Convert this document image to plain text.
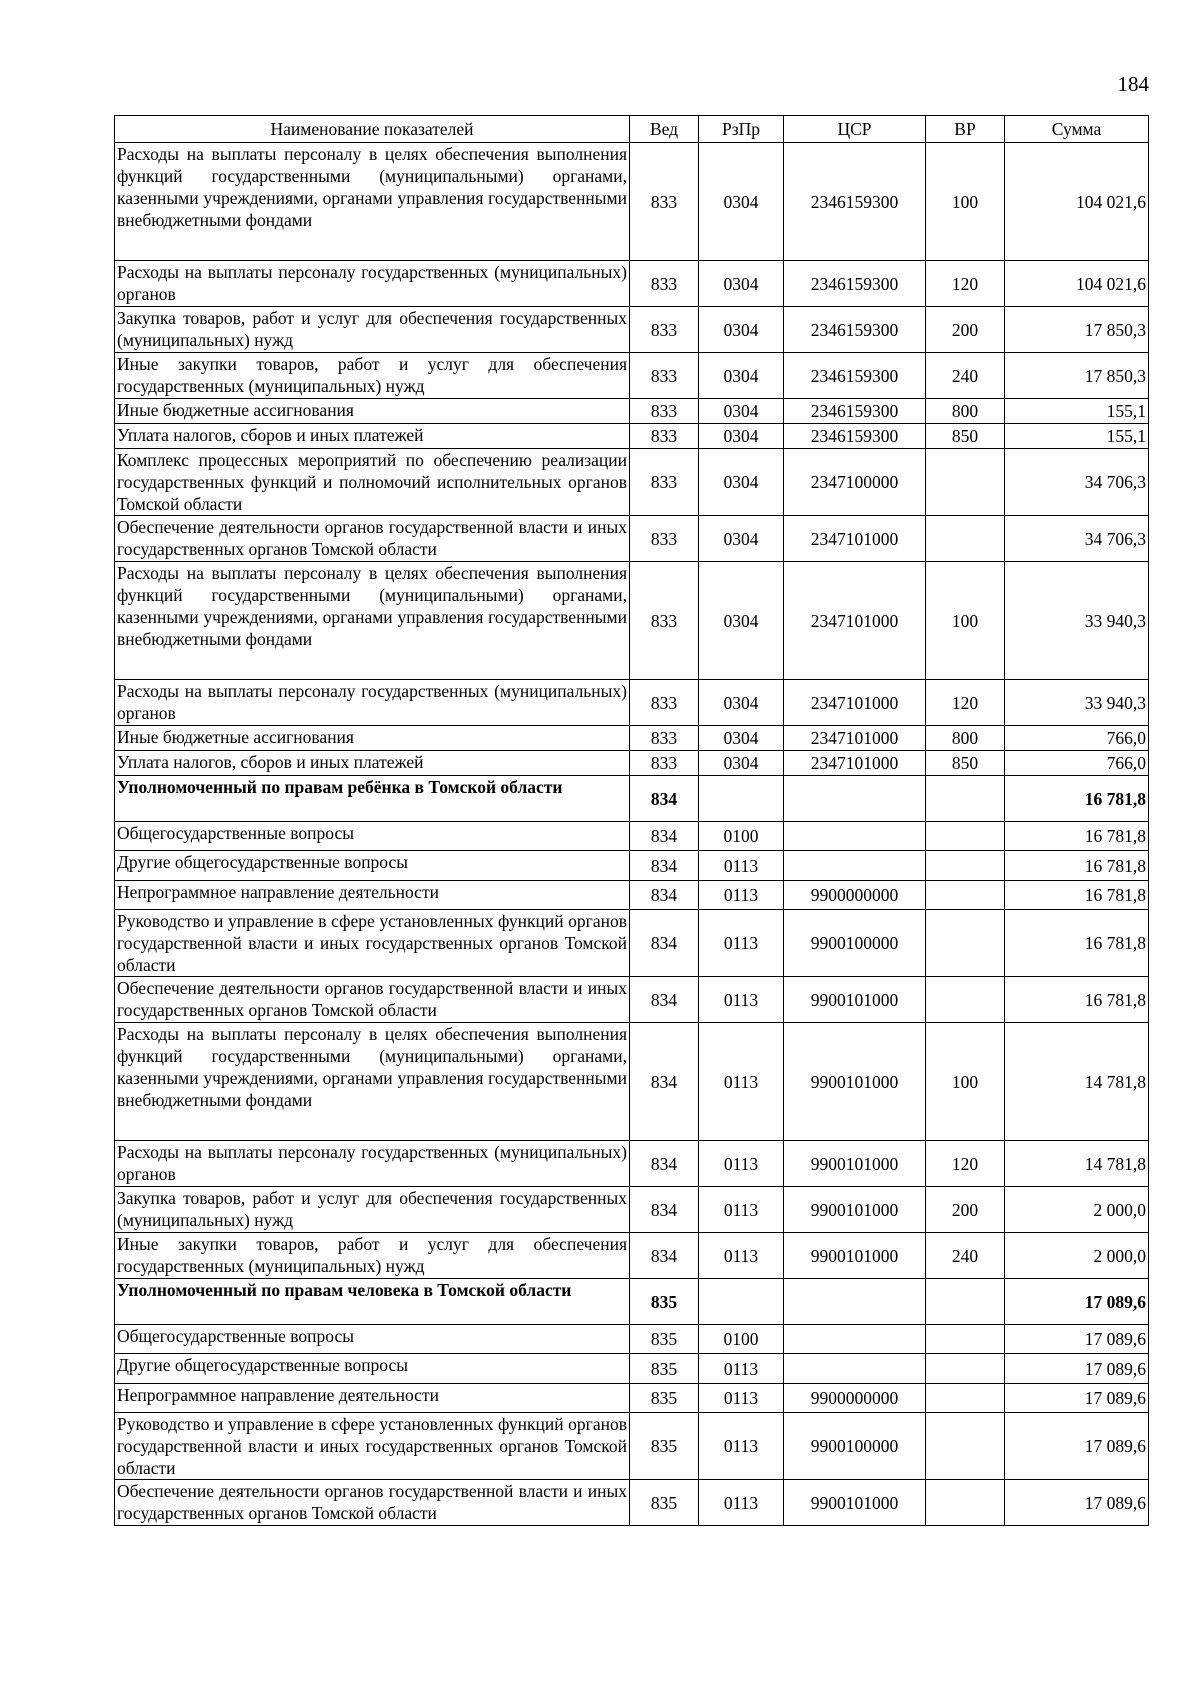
184
Наименование показателей	Вед	РзПр	ЦСР	ВР	Сумма
Расходы на выплаты персоналу в целях обеспечения выполнения функций государственными (муниципальными) органами, казенными учреждениями, органами управления государственными внебюджетными фондами	833	0304	2346159300	100	104 021,6
Расходы на выплаты персоналу государственных (муниципальных) органов	833	0304	2346159300	120	104 021,6
Закупка товаров, работ и услуг для обеспечения государственных (муниципальных) нужд	833	0304	2346159300	200	17 850,3
Иные закупки товаров, работ и услуг для обеспечения государственных (муниципальных) нужд	833	0304	2346159300	240	17 850,3
Иные бюджетные ассигнования	833	0304	2346159300	800	155,1
Уплата налогов, сборов и иных платежей	833	0304	2346159300	850	155,1
Комплекс процессных мероприятий по обеспечению реализации государственных функций и полномочий исполнительных органов Томской области	833	0304	2347100000		34 706,3
Обеспечение деятельности органов государственной власти и иных государственных органов Томской области	833	0304	2347101000		34 706,3
Расходы на выплаты персоналу в целях обеспечения выполнения функций государственными (муниципальными) органами, казенными учреждениями, органами управления государственными внебюджетными фондами	833	0304	2347101000	100	33 940,3
Расходы на выплаты персоналу государственных (муниципальных) органов	833	0304	2347101000	120	33 940,3
Иные бюджетные ассигнования	833	0304	2347101000	800	766,0
Уплата налогов, сборов и иных платежей	833	0304	2347101000	850	766,0
Уполномоченный по правам ребёнка в Томской области	834				16 781,8
Общегосударственные вопросы	834	0100			16 781,8
Другие общегосударственные вопросы	834	0113			16 781,8
Непрограммное направление деятельности	834	0113	9900000000		16 781,8
Руководство и управление в сфере установленных функций органов государственной власти и иных государственных органов Томской области	834	0113	9900100000		16 781,8
Обеспечение деятельности органов государственной власти и иных государственных органов Томской области	834	0113	9900101000		16 781,8
Расходы на выплаты персоналу в целях обеспечения выполнения функций государственными (муниципальными) органами, казенными учреждениями, органами управления государственными внебюджетными фондами	834	0113	9900101000	100	14 781,8
Расходы на выплаты персоналу государственных (муниципальных) органов	834	0113	9900101000	120	14 781,8
Закупка товаров, работ и услуг для обеспечения государственных (муниципальных) нужд	834	0113	9900101000	200	2 000,0
Иные закупки товаров, работ и услуг для обеспечения государственных (муниципальных) нужд	834	0113	9900101000	240	2 000,0
Уполномоченный по правам человека в Томской области	835				17 089,6
Общегосударственные вопросы	835	0100			17 089,6
Другие общегосударственные вопросы	835	0113			17 089,6
Непрограммное направление деятельности	835	0113	9900000000		17 089,6
Руководство и управление в сфере установленных функций органов государственной власти и иных государственных органов Томской области	835	0113	9900100000		17 089,6
Обеспечение деятельности органов государственной власти и иных государственных органов Томской области	835	0113	9900101000		17 089,6
